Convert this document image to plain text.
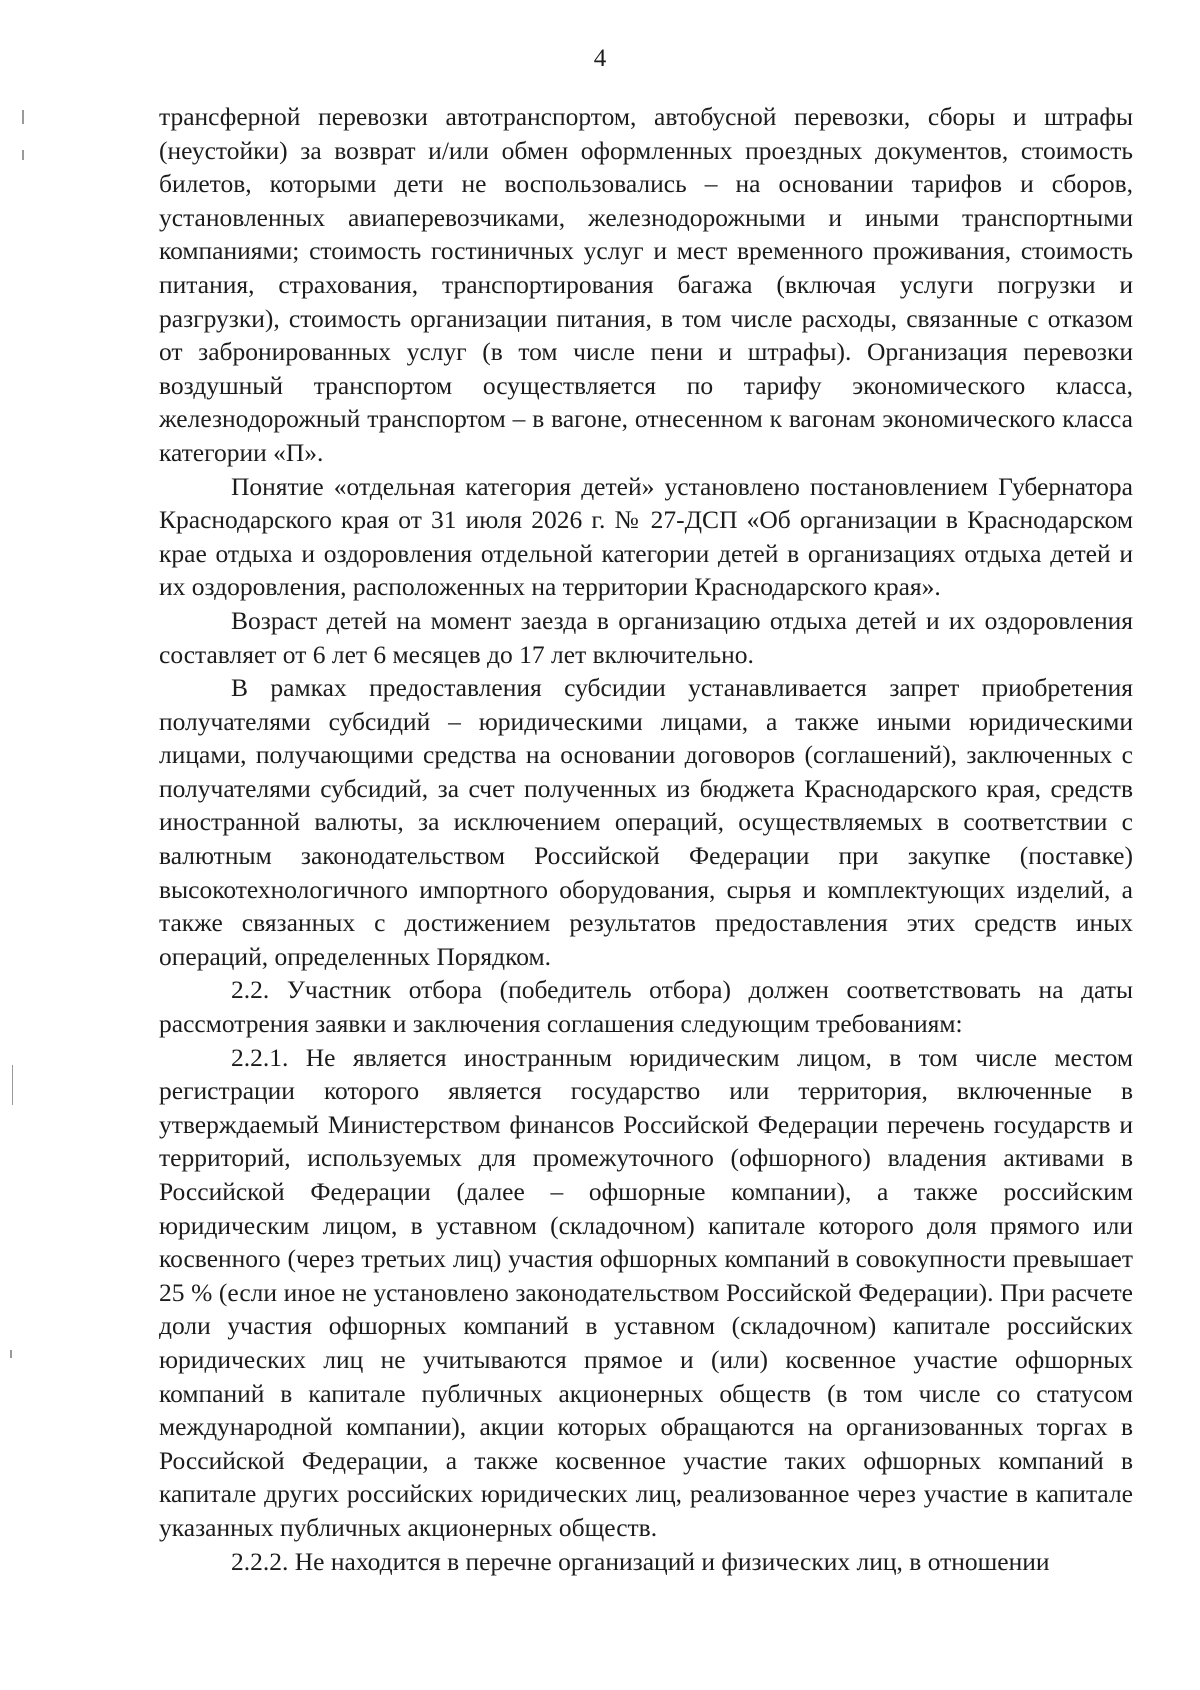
4

трансферной перевозки автотранспортом, автобусной перевозки, сборы и штрафы (неустойки) за возврат и/или обмен оформленных проездных документов, стоимость билетов, которыми дети не воспользовались – на основании тарифов и сборов, установленных авиаперевозчиками, железнодорожными и иными транспортными компаниями; стоимость гостиничных услуг и мест временного проживания, стоимость питания, страхования, транспортирования багажа (включая услуги погрузки и разгрузки), стоимость организации питания, в том числе расходы, связанные с отказом от забронированных услуг (в том числе пени и штрафы). Организация перевозки воздушный транспортом осуществляется по тарифу экономического класса, железнодорожный транспортом – в вагоне, отнесенном к вагонам экономического класса категории «П».

Понятие «отдельная категория детей» установлено постановлением Губернатора Краснодарского края от 31 июля 2026 г. № 27-ДСП «Об организации в Краснодарском крае отдыха и оздоровления отдельной категории детей в организациях отдыха детей и их оздоровления, расположенных на территории Краснодарского края».

Возраст детей на момент заезда в организацию отдыха детей и их оздоровления составляет от 6 лет 6 месяцев до 17 лет включительно.

В рамках предоставления субсидии устанавливается запрет приобретения получателями субсидий – юридическими лицами, а также иными юридическими лицами, получающими средства на основании договоров (соглашений), заключенных с получателями субсидий, за счет полученных из бюджета Краснодарского края, средств иностранной валюты, за исключением операций, осуществляемых в соответствии с валютным законодательством Российской Федерации при закупке (поставке) высокотехнологичного импортного оборудования, сырья и комплектующих изделий, а также связанных с достижением результатов предоставления этих средств иных операций, определенных Порядком.

2.2. Участник отбора (победитель отбора) должен соответствовать на даты рассмотрения заявки и заключения соглашения следующим требованиям:

2.2.1. Не является иностранным юридическим лицом, в том числе местом регистрации которого является государство или территория, включенные в утверждаемый Министерством финансов Российской Федерации перечень государств и территорий, используемых для промежуточного (офшорного) владения активами в Российской Федерации (далее – офшорные компании), а также российским юридическим лицом, в уставном (складочном) капитале которого доля прямого или косвенного (через третьих лиц) участия офшорных компаний в совокупности превышает 25 % (если иное не установлено законодательством Российской Федерации). При расчете доли участия офшорных компаний в уставном (складочном) капитале российских юридических лиц не учитываются прямое и (или) косвенное участие офшорных компаний в капитале публичных акционерных обществ (в том числе со статусом международной компании), акции которых обращаются на организованных торгах в Российской Федерации, а также косвенное участие таких офшорных компаний в капитале других российских юридических лиц, реализованное через участие в капитале указанных публичных акционерных обществ.

2.2.2. Не находится в перечне организаций и физических лиц, в отношении
